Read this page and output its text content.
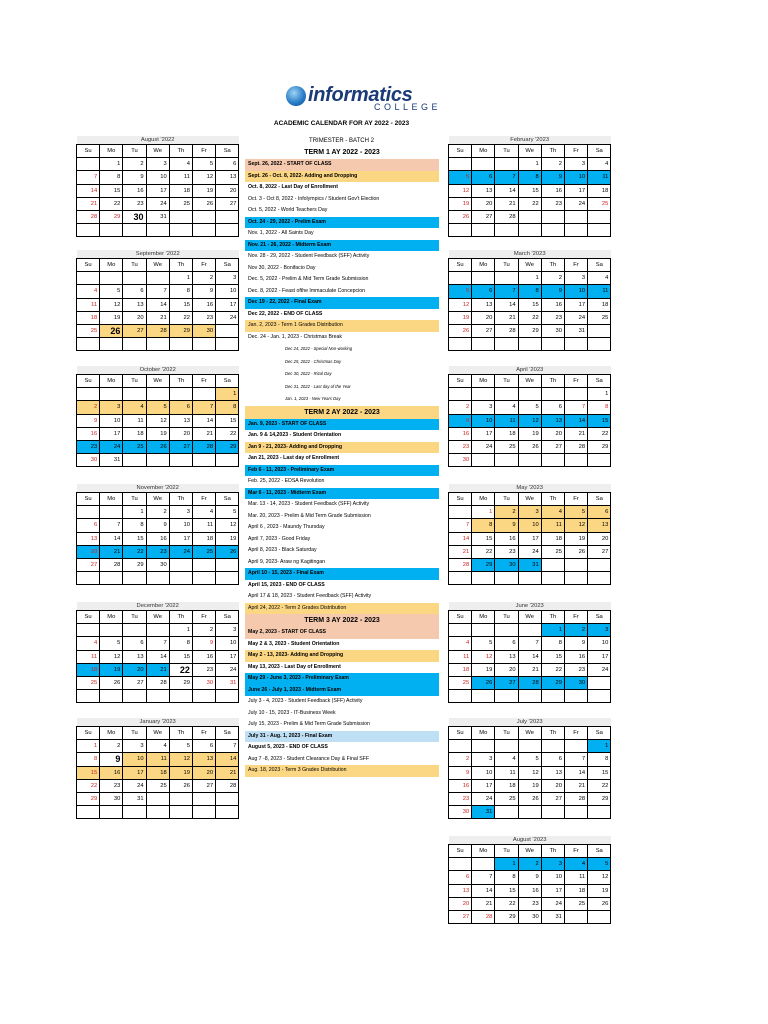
informatics
COLLEGE
ACADEMIC CALENDAR FOR AY 2022 - 2023
TRIMESTER - BATCH 2
August '2022						
Su	Mo	Tu	We	Th	Fr	Sa
	1	2	3	4	5	6
7	8	9	10	11	12	13
14	15	16	17	18	19	20
21	22	23	24	25	26	27
28	29	30	31			

September '2022						
Su	Mo	Tu	We	Th	Fr	Sa
				1	2	3
4	5	6	7	8	9	10
11	12	13	14	15	16	17
18	19	20	21	22	23	24
25	26	27	28	29	30	

October '2022						
Su	Mo	Tu	We	Th	Fr	Sa
						1
2	3	4	5	6	7	8
9	10	11	12	13	14	15
16	17	18	19	20	21	22
23	24	25	26	27	28	29
30	31					
November '2022						
Su	Mo	Tu	We	Th	Fr	Sa
		1	2	3	4	5
6	7	8	9	10	11	12
13	14	15	16	17	18	19
20	21	22	23	24	25	26
27	28	29	30			

December '2022						
Su	Mo	Tu	We	Th	Fr	Sa
				1	2	3
4	5	6	7	8	9	10
11	12	13	14	15	16	17
18	19	20	21	22	23	24
25	26	27	28	29	30	31

January '2023						
Su	Mo	Tu	We	Th	Fr	Sa
1	2	3	4	5	6	7
8	9	10	11	12	13	14
15	16	17	18	19	20	21
22	23	24	25	26	27	28
29	30	31				

February '2023						
Su	Mo	Tu	We	Th	Fr	Sa
			1	2	3	4
5	6	7	8	9	10	11
12	13	14	15	16	17	18
19	20	21	22	23	24	25
26	27	28				

March '2023						
Su	Mo	Tu	We	Th	Fr	Sa
			1	2	3	4
5	6	7	8	9	10	11
12	13	14	15	16	17	18
19	20	21	22	23	24	25
26	27	28	29	30	31	

April '2023						
Su	Mo	Tu	We	Th	Fr	Sa
						1
2	3	4	5	6	7	8
9	10	11	12	13	14	15
16	17	18	19	20	21	22
23	24	25	26	27	28	29
30						
May '2023						
Su	Mo	Tu	We	Th	Fr	Sa
	1	2	3	4	5	6
7	8	9	10	11	12	13
14	15	16	17	18	19	20
21	22	23	24	25	26	27
28	29	30	31			

June '2023						
Su	Mo	Tu	We	Th	Fr	Sa
				1	2	3
4	5	6	7	8	9	10
11	12	13	14	15	16	17
18	19	20	21	22	23	24
25	26	27	28	29	30	

July '2023						
Su	Mo	Tu	We	Th	Fr	Sa
						1
2	3	4	5	6	7	8
9	10	11	12	13	14	15
16	17	18	19	20	21	22
23	24	25	26	27	28	29
30	31					
August '2023						
Su	Mo	Tu	We	Th	Fr	Sa
		1	2	3	4	5
6	7	8	9	10	11	12
13	14	15	16	17	18	19
20	21	22	23	24	25	26
27	28	29	30	31		
TERM 1 AY 2022 - 2023
Sept. 26, 2022 - START OF CLASS
Sept. 26 - Oct. 8, 2022- Adding and Dropping
Oct. 8, 2022 - Last Day of Enrollment
Oct. 3 - Oct 8, 2022 - Infolympics / Student Gov't Election
Oct. 5, 2022 - World Teachers Day
Oct. 24 - 29, 2022 - Prelim Exam
Nov. 1, 2022 - All Saints Day
Nov. 21 - 26, 2022 - Midterm Exam
Nov. 28 - 29, 2022 - Student Feedback (SFF) Activity
Nov 30, 2022 - Bonifacio Day
Dec. 5, 2022 - Prelim & Mid Term Grade Submission
Dec. 8, 2022 - Feast ofthe Immaculate Concepcion
Dec 19 - 22, 2022 - Final Exam
Dec 22, 2022 - END OF CLASS
Jan. 2, 2023 - Term 1 Grades Distribution
Dec. 24 - Jan. 1, 2023 - Christmas Break
Dec 24, 2022 - Special Non-working
Dec 25, 2022 - Christmas Day
Dec 30, 2022 - Rizal Day
Dec 31, 2022 - Last day of the Year
Jan. 1, 2023 - New Years Day
TERM 2 AY 2022 - 2023
Jan. 9, 2023 - START OF CLASS
Jan. 9 & 14,2023 - Student Orientation
Jan 9 - 21, 2023- Adding and Dropping
Jan 21, 2023 - Last day of Enrollment
Feb 6 - 11, 2023 - Preliminary Exam
Feb. 25, 2022 - EDSA Revolution
Mar 6 - 11, 2023 - Midterm Exam
Mar. 13 - 14, 2023 - Student Feedback (SFF) Activity
Mar. 20, 2023 - Prelim & Mid Term Grade Submission
April 6 , 2023 - Maundy Thursday
April 7, 2023 - Good Friday
April 8, 2023 - Black Saturday
April 9, 2023- Araw ng Kagitingan
April 10 - 15, 2023 - Final Exam
April 15, 2023 - END OF CLASS
April 17 & 18, 2023 - Student Feedback (SFF) Activity
April 24, 2022 - Term 2 Grades Distribution
TERM 3 AY 2022 - 2023
May 2, 2023 - START OF CLASS
May 2 & 3, 2023 - Student Orientation
May 2 - 13, 2023- Adding and Dropping
May 13, 2023 - Last Day of Enrollment
May 29 - June 3, 2023 - Preliminary Exam
June 26 - July 1, 2023 - Midterm Exam
July 3 - 4, 2023 - Student Feedback (SFF) Activity
July 10 - 15, 2023 - IT-Business Week
July 15, 2023 - Prelim & Mid Term Grade Submission
July 31 - Aug. 1, 2023 - Final Exam
August 5, 2023 - END OF CLASS
Aug 7 -8, 2023 - Student Clearance Day & Final SFF
Aug. 18, 2023 - Term 3 Grades Distribution
